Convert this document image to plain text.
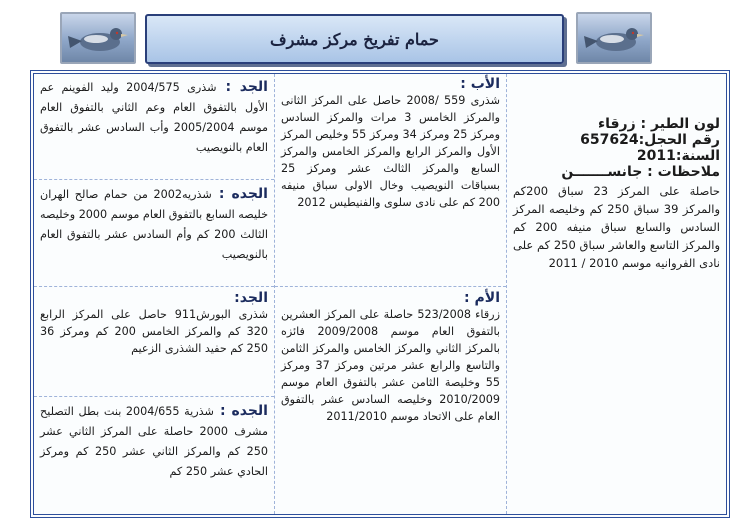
حمام تفريخ مركز مشرف
لون الطير : زرقاء
رقم الحجل:657624
السنة:2011
ملاحظات : جانســـــــن
حاصلة على المركز 23 سباق 200كم والمركز 39 سباق 250 كم وخليصه المركز السادس والسابع سباق منيفه 200 كم والمركز التاسع والعاشر سباق 250 كم على نادى الفروانيه موسم 2010 / 2011
الأب :
شذرى 559 /2008 حاصل على المركز الثانى والمركز الخامس 3 مرات والمركز السادس ومركز 25 ومركز 34 ومركز 55 وخليص المركز الأول والمركز الرابع والمركز الخامس والمركز السابع والمركز الثالث عشر ومركز 25 بسباقات النويصيب وخال الاولى سباق منيفه 200 كم على نادى سلوى والفنيطيس 2012
الأم :
زرقاء 523/2008 حاصلة على المركز العشرين بالتفوق العام موسم 2009/2008 فائزه بالمركز الثاني والمركز الخامس والمركز الثامن والتاسع والرابع عشر مرتين ومركز 37 ومركز 55 وخليصة الثامن عشر بالتفوق العام موسم 2010/2009 وخليصه السادس عشر بالتفوق العام على الاتحاد موسم 2011/2010
الجد : شذرى 2004/575 وليد الفوينم عم الأول بالتفوق العام وعم الثاني بالتفوق العام موسم 2005/2004 وأب السادس عشر بالتفوق العام بالنويصيب
الجده : شذريه2002 من حمام صالح الهران خليصه السابع بالتفوق العام موسم 2000 وخليصه الثالث 200 كم وأم السادس عشر بالتفوق العام بالنويصيب
الجد:
شذرى البورش911 حاصل على المركز الرابع 320 كم والمركز الخامس 200 كم ومركز 36 250 كم حفيد الشذرى الزعيم
الجده : شذرية 2004/655 بنت بطل التصليح مشرف 2000 حاصلة على المركز الثاني عشر 250 كم والمركز الثاني عشر 250 كم ومركز الحادي عشر 250 كم
